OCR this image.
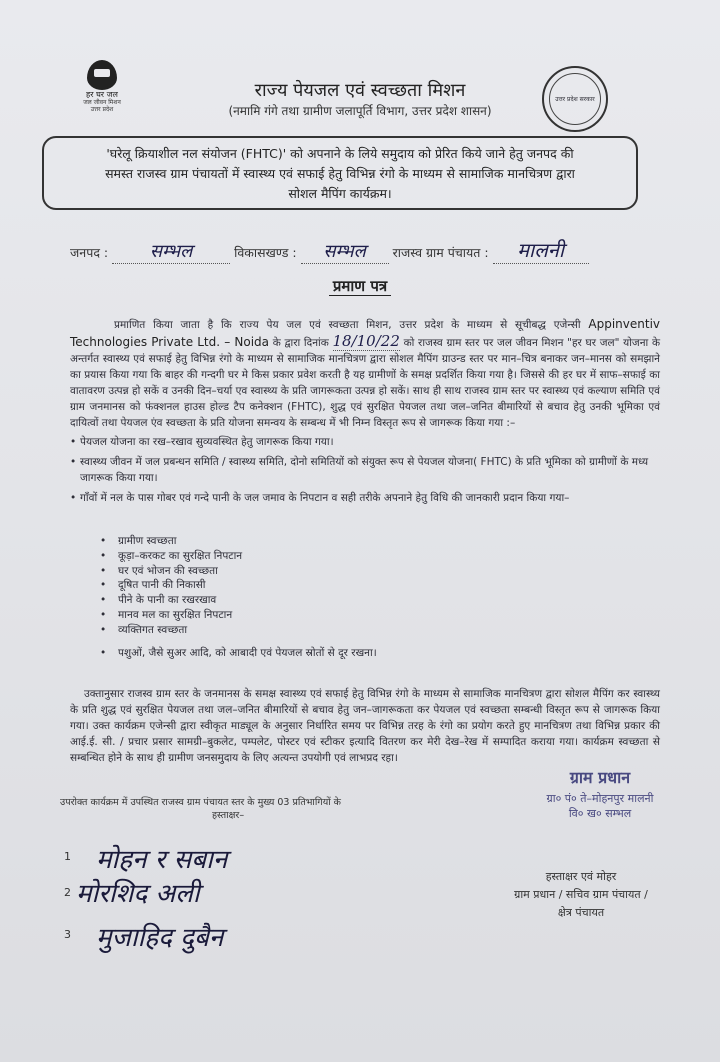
हर घर जल
जल जीवन मिशन
उत्तर प्रदेश
राज्य पेयजल एवं स्वच्छता मिशन
(नमामि गंगे तथा ग्रामीण जलापूर्ति विभाग, उत्तर प्रदेश शासन)
उत्तर प्रदेश सरकार
'घरेलू क्रियाशील नल संयोजन (FHTC)' को अपनाने के लिये समुदाय को प्रेरित किये जाने हेतु जनपद की
समस्त राजस्व ग्राम पंचायतों में स्वास्थ्य एवं सफाई हेतु विभिन्न रंगो के माध्यम से सामाजिक मानचित्रण द्वारा
सोशल मैपिंग कार्यक्रम।
जनपद : सम्भल	विकासखण्ड : सम्भल राजस्व ग्राम पंचायत : मालनी
प्रमाण पत्र
प्रमाणित किया जाता है कि राज्य पेय जल एवं स्वच्छता मिशन, उत्तर प्रदेश के माध्यम से सूचीबद्ध एजेन्सी Appinventiv Technologies Private Ltd. – Noida के द्वारा दिनांक 18/10/22 को राजस्व ग्राम स्तर पर जल जीवन मिशन "हर घर जल" योजना के अन्तर्गत स्वास्थ्य एवं सफाई हेतु विभिन्न रंगो के माध्यम से सामाजिक मानचित्रण द्वारा सोशल मैपिंग ग्राउन्ड स्तर पर मान–चित्र बनाकर जन–मानस को समझाने का प्रयास किया गया कि बाहर की गन्दगी घर मे किस प्रकार प्रवेश करती है यह ग्रामीणों के समक्ष प्रदर्शित किया गया है। जिससे की हर घर में साफ–सफाई का वातावरण उत्पन्न हो सकें व उनकी दिन–चर्या एव स्वास्थ्य के प्रति जागरूकता उत्पन्न हो सकें। साथ ही साथ राजस्व ग्राम स्तर पर स्वास्थ्य एवं कल्याण समिति एवं ग्राम जनमानस को फंक्शनल हाउस होल्ड टैप कनेक्शन (FHTC), शुद्ध एवं सुरक्षित पेयजल तथा जल–जनित बीमारियों से बचाव हेतु उनकी भूमिका एवं दायित्वों तथा पेयजल एंव स्वच्छता के प्रति योजना समन्वय के सम्बन्ध में भी निम्न विस्तृत रूप से जागरूक किया गया :–
• पेयजल योजना का रख–रखाव सुव्यवस्थित हेतु जागरूक किया गया।
• स्वास्थ्य जीवन में जल प्रबन्धन समिति / स्वास्थ्य समिति, दोनो समितियों को संयुक्त रूप से पेयजल योजना( FHTC) के प्रति भूमिका को ग्रामीणों के मध्य जागरूक किया गया।
• गाँवों में नल के पास गोबर एवं गन्दे पानी के जल जमाव के निपटान व सही तरीके अपनाने हेतु विधि की जानकारी प्रदान किया गया–
• ग्रामीण स्वच्छता
• कूड़ा–करकट का सुरक्षित निपटान
• घर एवं भोजन की स्वच्छता
• दूषित पानी की निकासी
• पीने के पानी का रखरखाव
• मानव मल का सुरक्षित निपटान
• व्यक्तिगत स्वच्छता
• पशुओं, जैसे सुअर आदि, को आबादी एवं पेयजल स्रोतों से दूर रखना।
उक्तानुसार राजस्व ग्राम स्तर के जनमानस के समक्ष स्वास्थ्य एवं सफाई हेतु विभिन्न रंगो के माध्यम से सामाजिक मानचित्रण द्वारा सोशल मैपिंग कर स्वास्थ्य के प्रति शुद्ध एवं सुरक्षित पेयजल तथा जल–जनित बीमारियों से बचाव हेतु जन–जागरूकता कर पेयजल एवं स्वच्छता सम्बन्धी विस्तृत रूप से जागरूक किया गया। उक्त कार्यक्रम एजेन्सी द्वारा स्वीकृत माड्यूल के अनुसार निर्धारित समय पर विभिन्न तरह के रंगो का प्रयोग करते हुए मानचित्रण तथा विभिन्न प्रकार की आई.ई. सी. / प्रचार प्रसार सामग्री–बुकलेट, पम्पलेट, पोस्टर एवं स्टीकर इत्यादि वितरण कर मेरी देख–रेख में सम्पादित कराया गया। कार्यक्रम स्वच्छता से सम्बन्धित होने के साथ ही ग्रामीण जनसमुदाय के लिए अत्यन्त उपयोगी एवं लाभप्रद रहा।
उपरोक्त कार्यक्रम में उपस्थित राजस्व ग्राम पंचायत स्तर के मुख्य 03 प्रतिभागियों के
हस्ताक्षर–
1 मोहन र सबान
2 मोरशिद अली
3 मुजाहिद दुबैन
ग्राम प्रधान
ग्रा० पं० ते–मोहनपुर मालनी
वि० ख० सम्भल
हस्ताक्षर एवं मोहर
ग्राम प्रधान / सचिव ग्राम पंचायत /
क्षेत्र पंचायत
